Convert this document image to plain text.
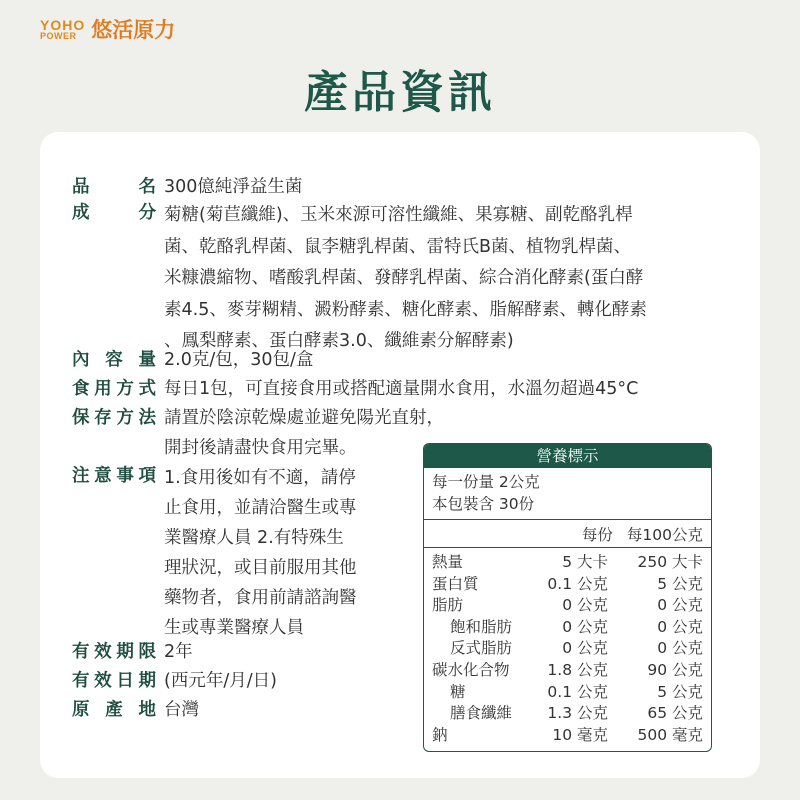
YOHO
POWER 悠活原力
產品資訊
品	名 300億純淨益生菌
成	分 菊糖(菊苣纖維)、玉米來源可溶性纖維、果寡糖、副乾酪乳桿
菌、乾酪乳桿菌、鼠李糖乳桿菌、雷特氏B菌、植物乳桿菌、
米糠濃縮物、嗜酸乳桿菌、發酵乳桿菌、綜合消化酵素(蛋白酵
素4.5、麥芽糊精、澱粉酵素、糖化酵素、脂解酵素、轉化酵素
、鳳梨酵素、蛋白酵素3.0、纖維素分解酵素)
內 容 量 2.0克/包，30包/盒
食 用 方 式 每日1包，可直接食用或搭配適量開水食用，水溫勿超過45°C
保 存 方 法 請置於陰涼乾燥處並避免陽光直射，
開封後請盡快食用完畢。
注 意 事 項 1.食用後如有不適，請停
止食用，並請洽醫生或專
業醫療人員 2.有特殊生
理狀況，或目前服用其他
藥物者，食用前請諮詢醫
生或專業醫療人員
有 效 期 限 2年
有 效 日 期 (西元年/月/日)
原 產 地 台灣
營養標示
每一份量 2公克
本包裝含 30份
每份 每100公克
熱量	5 大卡	250 大卡
蛋白質	0.1 公克	5 公克
脂肪	0 公克	0 公克
飽和脂肪	0 公克	0 公克
反式脂肪	0 公克	0 公克
碳水化合物	1.8 公克	90 公克
糖	0.1 公克	5 公克
膳食纖維	1.3 公克	65 公克
鈉	10 毫克	500 毫克
